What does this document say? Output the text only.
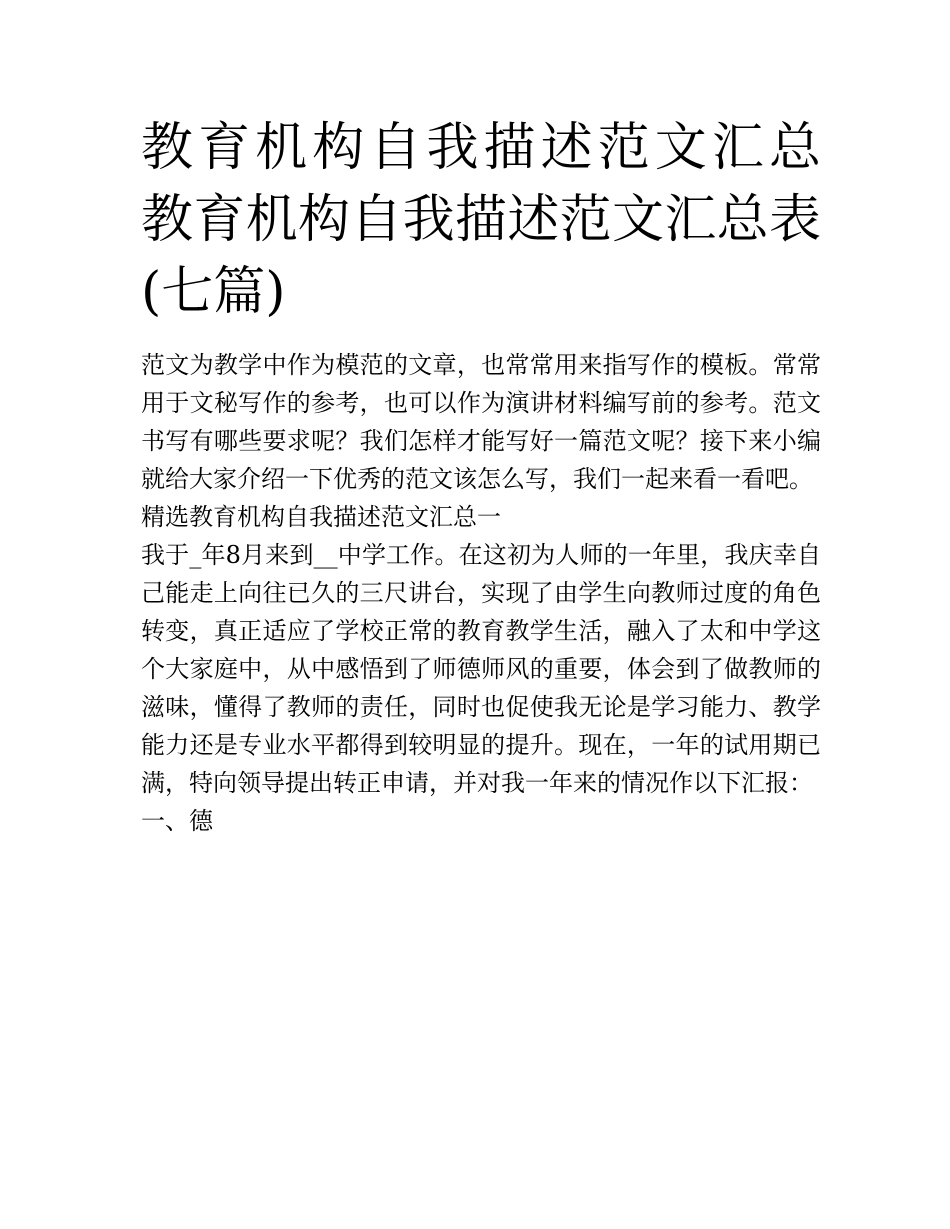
教育机构自我描述范文汇总 教育机构自我描述范文汇总表(七篇)

范文为教学中作为模范的文章，也常常用来指写作的模板。常常用于文秘写作的参考，也可以作为演讲材料编写前的参考。范文书写有哪些要求呢？我们怎样才能写好一篇范文呢？接下来小编就给大家介绍一下优秀的范文该怎么写，我们一起来看一看吧。

精选教育机构自我描述范文汇总一

我于_年8月来到__中学工作。在这初为人师的一年里，我庆幸自己能走上向往已久的三尺讲台，实现了由学生向教师过度的角色转变，真正适应了学校正常的教育教学生活，融入了太和中学这个大家庭中，从中感悟到了师德师风的重要，体会到了做教师的滋味，懂得了教师的责任，同时也促使我无论是学习能力、教学能力还是专业水平都得到较明显的提升。现在，一年的试用期已满，特向领导提出转正申请，并对我一年来的情况作以下汇报：

一、德
